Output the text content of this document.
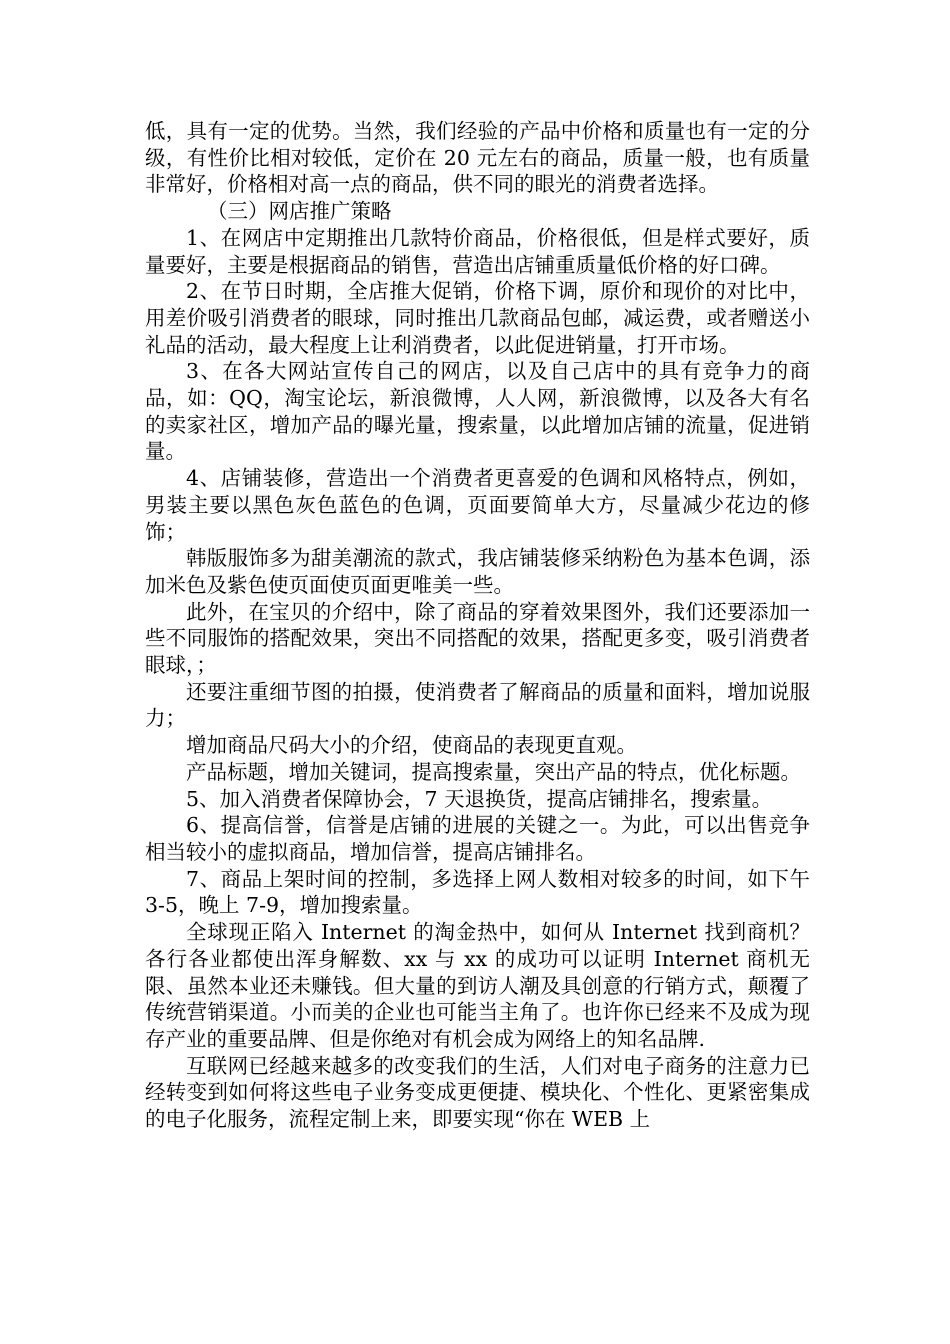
低，具有一定的优势。当然，我们经验的产品中价格和质量也有一定的分级，有性价比相对较低，定价在 20 元左右的商品，质量一般，也有质量非常好，价格相对高一点的商品，供不同的眼光的消费者选择。

（三）网店推广策略

1、在网店中定期推出几款特价商品，价格很低，但是样式要好，质量要好，主要是根据商品的销售，营造出店铺重质量低价格的好口碑。

2、在节日时期，全店推大促销，价格下调，原价和现价的对比中，用差价吸引消费者的眼球，同时推出几款商品包邮，减运费，或者赠送小礼品的活动，最大程度上让利消费者，以此促进销量，打开市场。

3、在各大网站宣传自己的网店，以及自己店中的具有竞争力的商品，如：QQ，淘宝论坛，新浪微博，人人网，新浪微博，以及各大有名的卖家社区，增加产品的曝光量，搜索量，以此增加店铺的流量，促进销量。

4、店铺装修，营造出一个消费者更喜爱的色调和风格特点，例如，男装主要以黑色灰色蓝色的色调，页面要简单大方，尽量减少花边的修饰；

韩版服饰多为甜美潮流的款式，我店铺装修采纳粉色为基本色调，添加米色及紫色使页面使页面更唯美一些。

此外，在宝贝的介绍中，除了商品的穿着效果图外，我们还要添加一些不同服饰的搭配效果，突出不同搭配的效果，搭配更多变，吸引消费者眼球，；

还要注重细节图的拍摄，使消费者了解商品的质量和面料，增加说服力；

增加商品尺码大小的介绍，使商品的表现更直观。

产品标题，增加关键词，提高搜索量，突出产品的特点，优化标题。

5、加入消费者保障协会，7 天退换货，提高店铺排名，搜索量。

6、提高信誉，信誉是店铺的进展的关键之一。为此，可以出售竞争相当较小的虚拟商品，增加信誉，提高店铺排名。

7、商品上架时间的控制，多选择上网人数相对较多的时间，如下午 3-5，晚上 7-9，增加搜索量。

全球现正陷入 Internet 的淘金热中，如何从 Internet 找到商机？各行各业都使出浑身解数、xx 与 xx 的成功可以证明 Internet 商机无限、虽然本业还未赚钱。但大量的到访人潮及具创意的行销方式，颠覆了传统营销渠道。小而美的企业也可能当主角了。也许你已经来不及成为现存产业的重要品牌、但是你绝对有机会成为网络上的知名品牌.

互联网已经越来越多的改变我们的生活，人们对电子商务的注意力已经转变到如何将这些电子业务变成更便捷、模块化、个性化、更紧密集成的电子化服务，流程定制上来，即要实现“你在 WEB 上
